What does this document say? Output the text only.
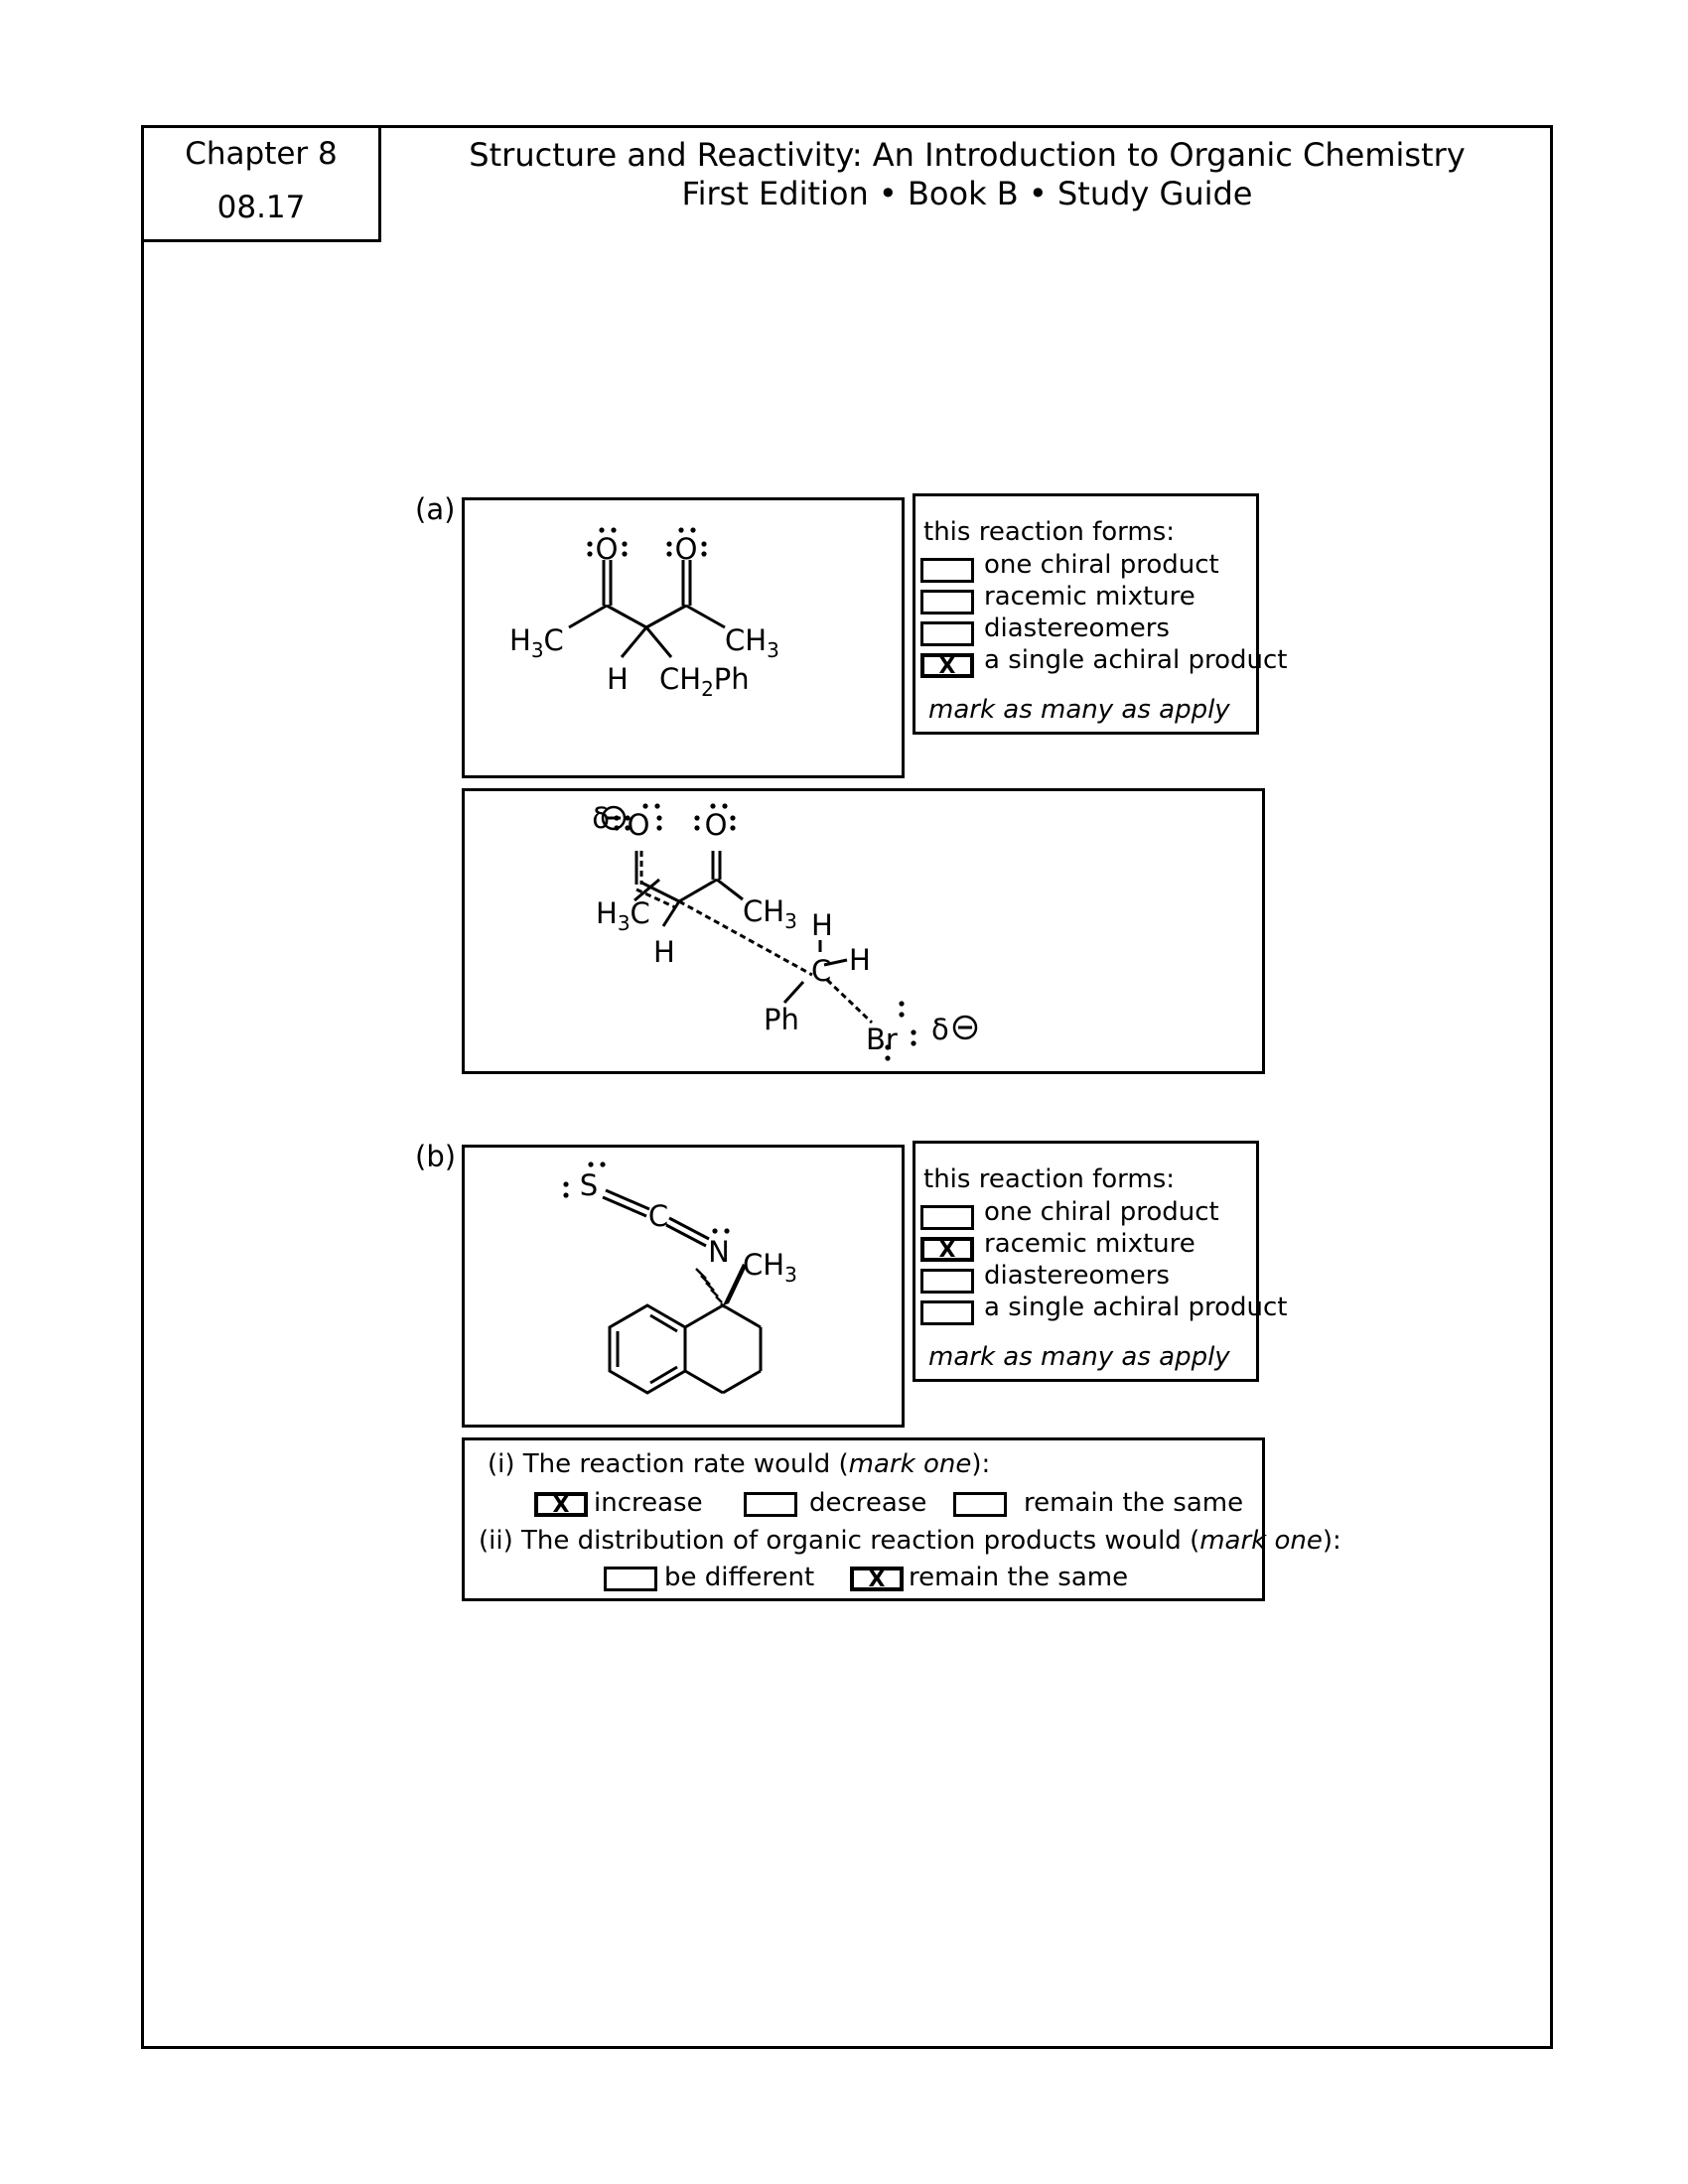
Chapter 8
08.17
Structure and Reactivity: An Introduction to Organic Chemistry
First Edition • Book B • Study Guide
(a)
O O
$H_3C$	$CH_3$
H $CH_2Ph$
this reaction forms:
one chiral product
racemic mixture
diastereomers
X	a single achiral product
mark as many as apply
δ O O
$H_3C$	$CH_3$
H
H
H
C
Ph
Br δ
(b)
S
C
N $CH_3$
this reaction forms:
one chiral product
X	racemic mixture
diastereomers
a single achiral product
mark as many as apply
(i) The reaction rate would (mark one):
X increase	decrease	remain the same
(ii) The distribution of organic reaction products would (mark one):
be different	X remain the same
